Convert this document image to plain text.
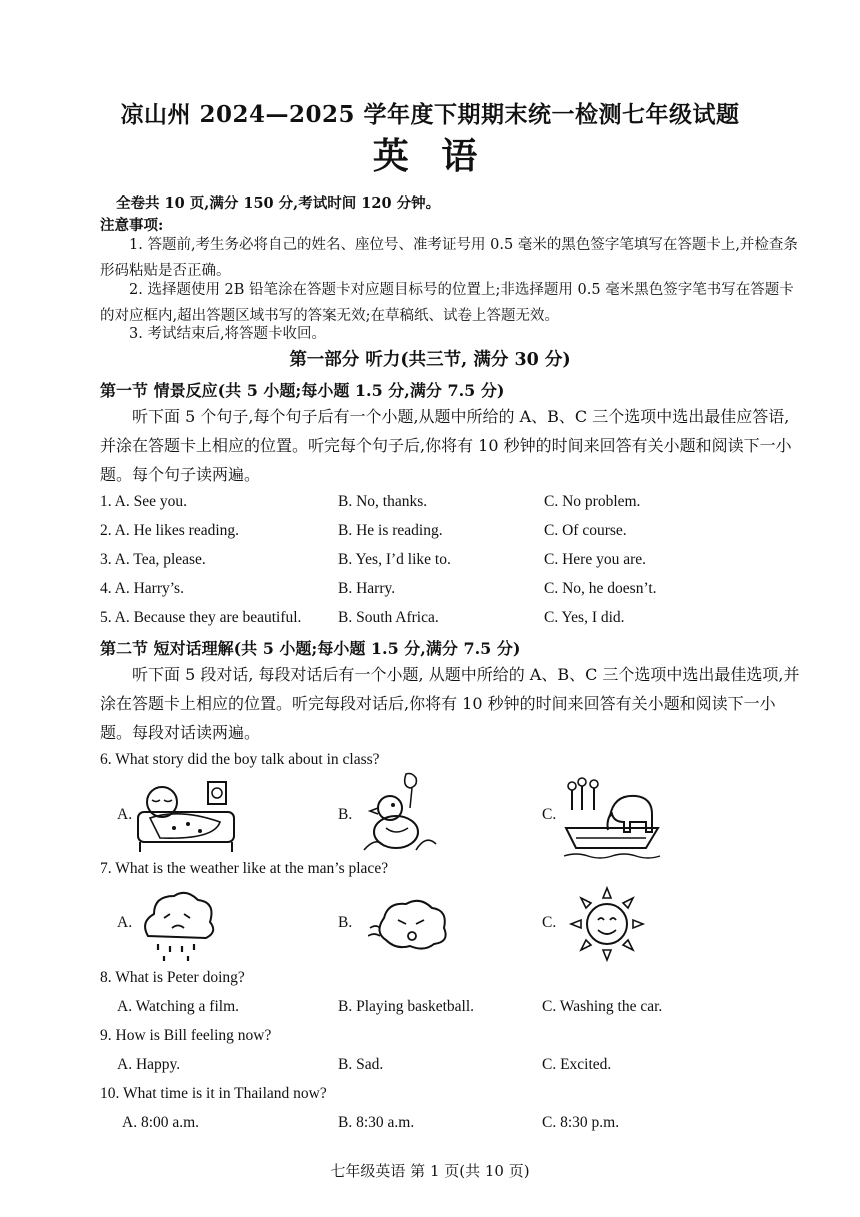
凉山州 2024—2025 学年度下期期末统一检测七年级试题
英 语
全卷共 10 页,满分 150 分,考试时间 120 分钟。
注意事项:
1. 答题前,考生务必将自己的姓名、座位号、准考证号用 0.5 毫米的黑色签字笔填写在答题卡上,并检查条形码粘贴是否正确。
2. 选择题使用 2B 铅笔涂在答题卡对应题目标号的位置上;非选择题用 0.5 毫米黑色签字笔书写在答题卡的对应框内,超出答题区域书写的答案无效;在草稿纸、试卷上答题无效。
3. 考试结束后,将答题卡收回。
第一部分 听力(共三节, 满分 30 分)
第一节 情景反应(共 5 小题;每小题 1.5 分,满分 7.5 分)
听下面 5 个句子,每个句子后有一个小题,从题中所给的 A、B、C 三个选项中选出最佳应答语,并涂在答题卡上相应的位置。听完每个句子后,你将有 10 秒钟的时间来回答有关小题和阅读下一小题。每个句子读两遍。
1. A. See you.	B. No, thanks.	C. No problem.
2. A. He likes reading.	B. He is reading.	C. Of course.
3. A. Tea, please.	B. Yes, I’d like to.	C. Here you are.
4. A. Harry’s.	B. Harry.	C. No, he doesn’t.
5. A. Because they are beautiful. B. South Africa.	C. Yes, I did.
第二节 短对话理解(共 5 小题;每小题 1.5 分,满分 7.5 分)
听下面 5 段对话, 每段对话后有一个小题, 从题中所给的 A、B、C 三个选项中选出最佳选项,并涂在答题卡上相应的位置。听完每段对话后,你将有 10 秒钟的时间来回答有关小题和阅读下一小题。每段对话读两遍。
6. What story did the boy talk about in class?
A.	B.	C.
7. What is the weather like at the man’s place?
A.	B.	C.
8. What is Peter doing?
A. Watching a film.	B. Playing basketball.	C. Washing the car.
9. How is Bill feeling now?
A. Happy.	B. Sad.	C. Excited.
10. What time is it in Thailand now?
A. 8:00 a.m.	B. 8:30 a.m.	C. 8:30 p.m.
七年级英语 第 1 页(共 10 页)
